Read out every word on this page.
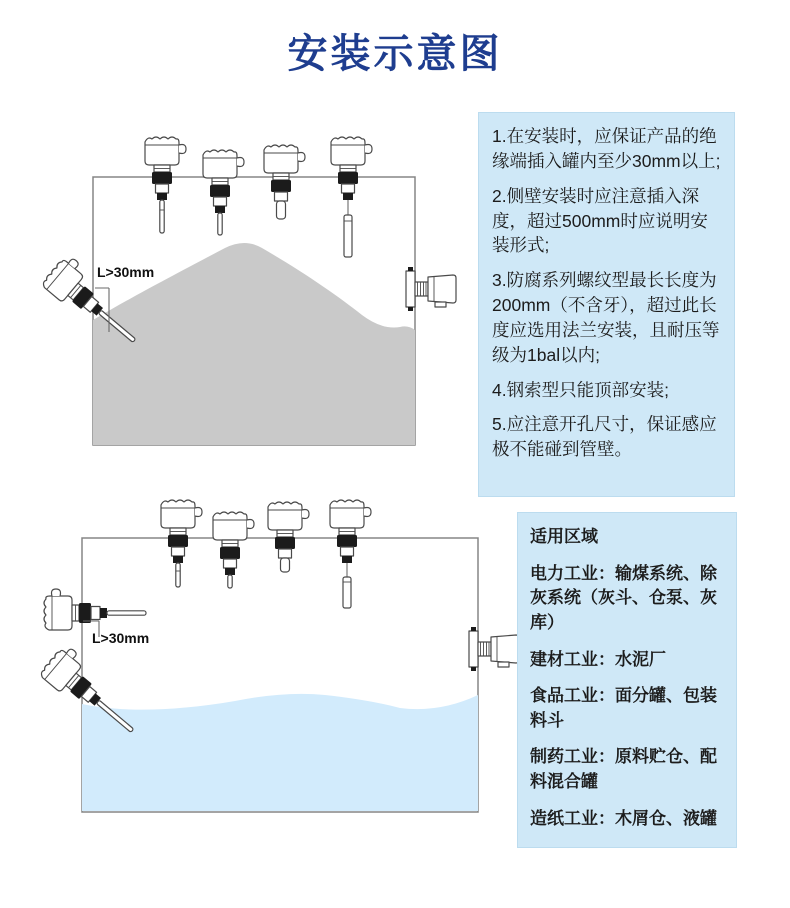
安装示意图
L>30mm
L>30mm

1.在安装时，应保证产品的绝缘端插入罐内至少30mm以上;

2.侧壁安装时应注意插入深度，超过500mm时应说明安装形式;

3.防腐系列螺纹型最长长度为200mm（不含牙），超过此长度应选用法兰安装，且耐压等级为1bal以内;

4.钢索型只能顶部安装;

5.应注意开孔尺寸，保证感应极不能碰到管壁。

适用区域

电力工业：输煤系统、除灰系统（灰斗、仓泵、灰库）

建材工业：水泥厂

食品工业：面分罐、包装料斗

制药工业：原料贮仓、配料混合罐

造纸工业：木屑仓、液罐
